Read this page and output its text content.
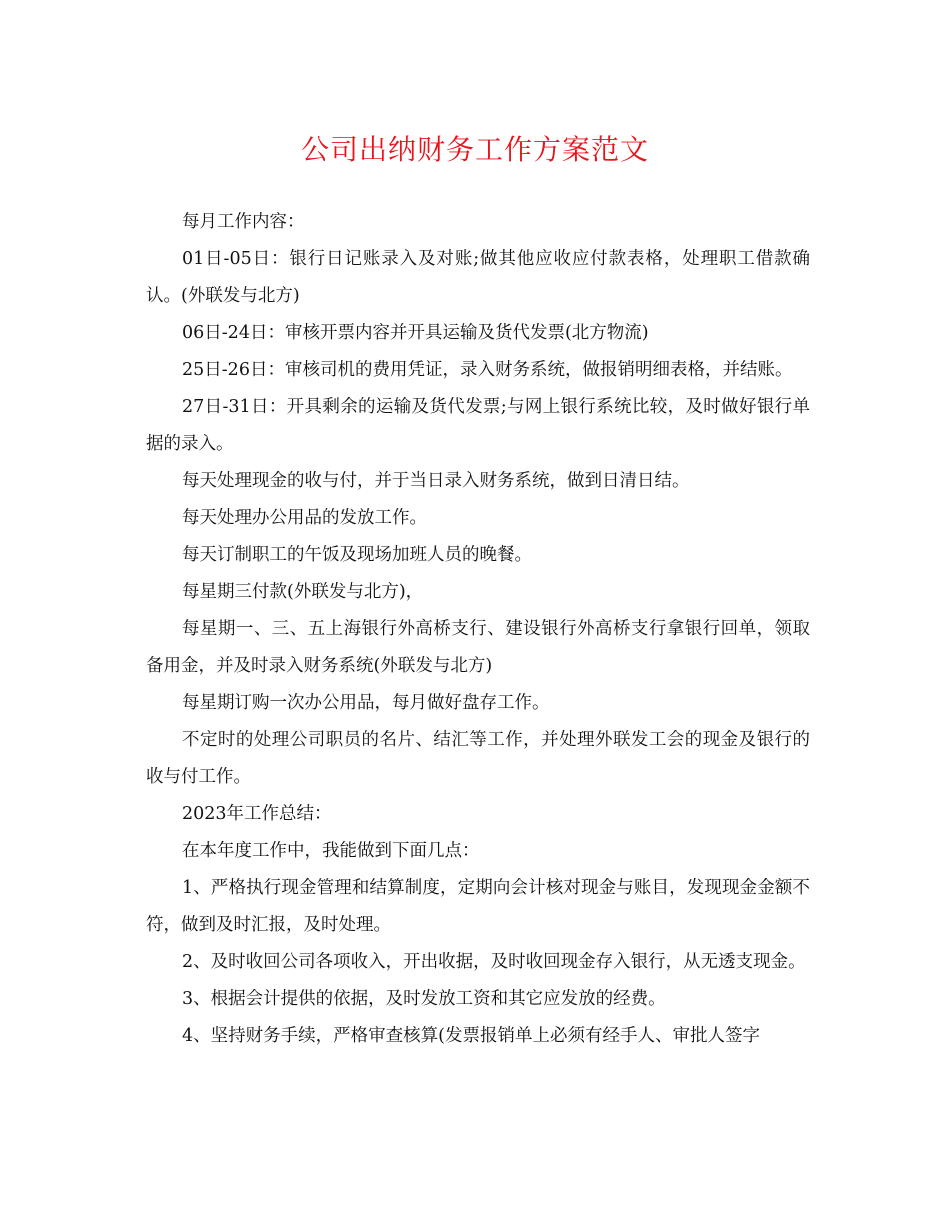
公司出纳财务工作方案范文

每月工作内容：

01日-05日：银行日记账录入及对账;做其他应收应付款表格，处理职工借款确认。(外联发与北方)

06日-24日：审核开票内容并开具运输及货代发票(北方物流)

25日-26日：审核司机的费用凭证，录入财务系统，做报销明细表格，并结账。

27日-31日：开具剩余的运输及货代发票;与网上银行系统比较，及时做好银行单据的录入。

每天处理现金的收与付，并于当日录入财务系统，做到日清日结。

每天处理办公用品的发放工作。

每天订制职工的午饭及现场加班人员的晚餐。

每星期三付款(外联发与北方)，

每星期一、三、五上海银行外高桥支行、建设银行外高桥支行拿银行回单，领取备用金，并及时录入财务系统(外联发与北方)

每星期订购一次办公用品，每月做好盘存工作。

不定时的处理公司职员的名片、结汇等工作，并处理外联发工会的现金及银行的收与付工作。

2023年工作总结：

在本年度工作中，我能做到下面几点：

1、严格执行现金管理和结算制度，定期向会计核对现金与账目，发现现金金额不符，做到及时汇报，及时处理。

2、及时收回公司各项收入，开出收据，及时收回现金存入银行，从无透支现金。

3、根据会计提供的依据，及时发放工资和其它应发放的经费。

4、坚持财务手续，严格审查核算(发票报销单上必须有经手人、审批人签字
